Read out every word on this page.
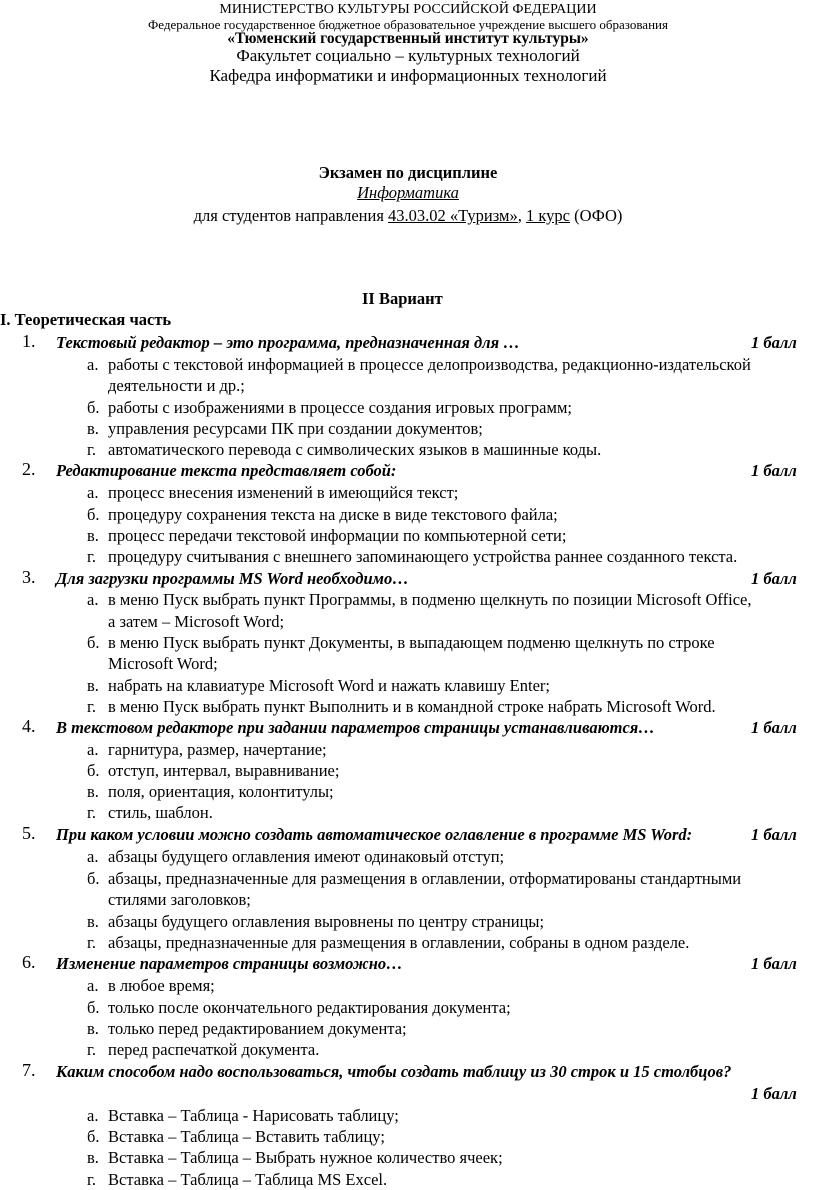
МИНИСТЕРСТВО КУЛЬТУРЫ РОССИЙСКОЙ ФЕДЕРАЦИИ
Федеральное государственное бюджетное образовательное учреждение высшего образования
«Тюменский государственный институт культуры»
Факультет социально – культурных технологий
Кафедра информатики и информационных технологий
Экзамен по дисциплине
Информатика
для студентов направления 43.03.02 «Туризм», 1 курс (ОФО)
II Вариант
I. Теоретическая часть
1. Текстовый редактор – это программа, предназначенная для …	1 балл
а. работы с текстовой информацией в процессе делопроизводства, редакционно-издательской
деятельности и др.;
б. работы с изображениями в процессе создания игровых программ;
в. управления ресурсами ПК при создании документов;
г. автоматического перевода с символических языков в машинные коды.
2. Редактирование текста представляет собой:	1 балл
а. процесс внесения изменений в имеющийся текст;
б. процедуру сохранения текста на диске в виде текстового файла;
в. процесс передачи текстовой информации по компьютерной сети;
г. процедуру считывания с внешнего запоминающего устройства раннее созданного текста.
3. Для загрузки программы MS Word необходимо…	1 балл
а. в меню Пуск выбрать пункт Программы, в подменю щелкнуть по позиции Microsoft Office,
а затем – Microsoft Word;
б. в меню Пуск выбрать пункт Документы, в выпадающем подменю щелкнуть по строке
Microsoft Word;
в. набрать на клавиатуре Microsoft Word и нажать клавишу Enter;
г. в меню Пуск выбрать пункт Выполнить и в командной строке набрать Microsoft Word.
4. В текстовом редакторе при задании параметров страницы устанавливаются…	1 балл
а. гарнитура, размер, начертание;
б. отступ, интервал, выравнивание;
в. поля, ориентация, колонтитулы;
г. стиль, шаблон.
5. При каком условии можно создать автоматическое оглавление в программе MS Word:	1 балл
а. абзацы будущего оглавления имеют одинаковый отступ;
б. абзацы, предназначенные для размещения в оглавлении, отформатированы стандартными
стилями заголовков;
в. абзацы будущего оглавления выровнены по центру страницы;
г. абзацы, предназначенные для размещения в оглавлении, собраны в одном разделе.
6. Изменение параметров страницы возможно…	1 балл
а. в любое время;
б. только после окончательного редактирования документа;
в. только перед редактированием документа;
г. перед распечаткой документа.
7. Каким способом надо воспользоваться, чтобы создать таблицу из 30 строк и 15 столбцов?
1 балл
а. Вставка – Таблица - Нарисовать таблицу;
б. Вставка – Таблица – Вставить таблицу;
в. Вставка – Таблица – Выбрать нужное количество ячеек;
г. Вставка – Таблица – Таблица MS Excel.
